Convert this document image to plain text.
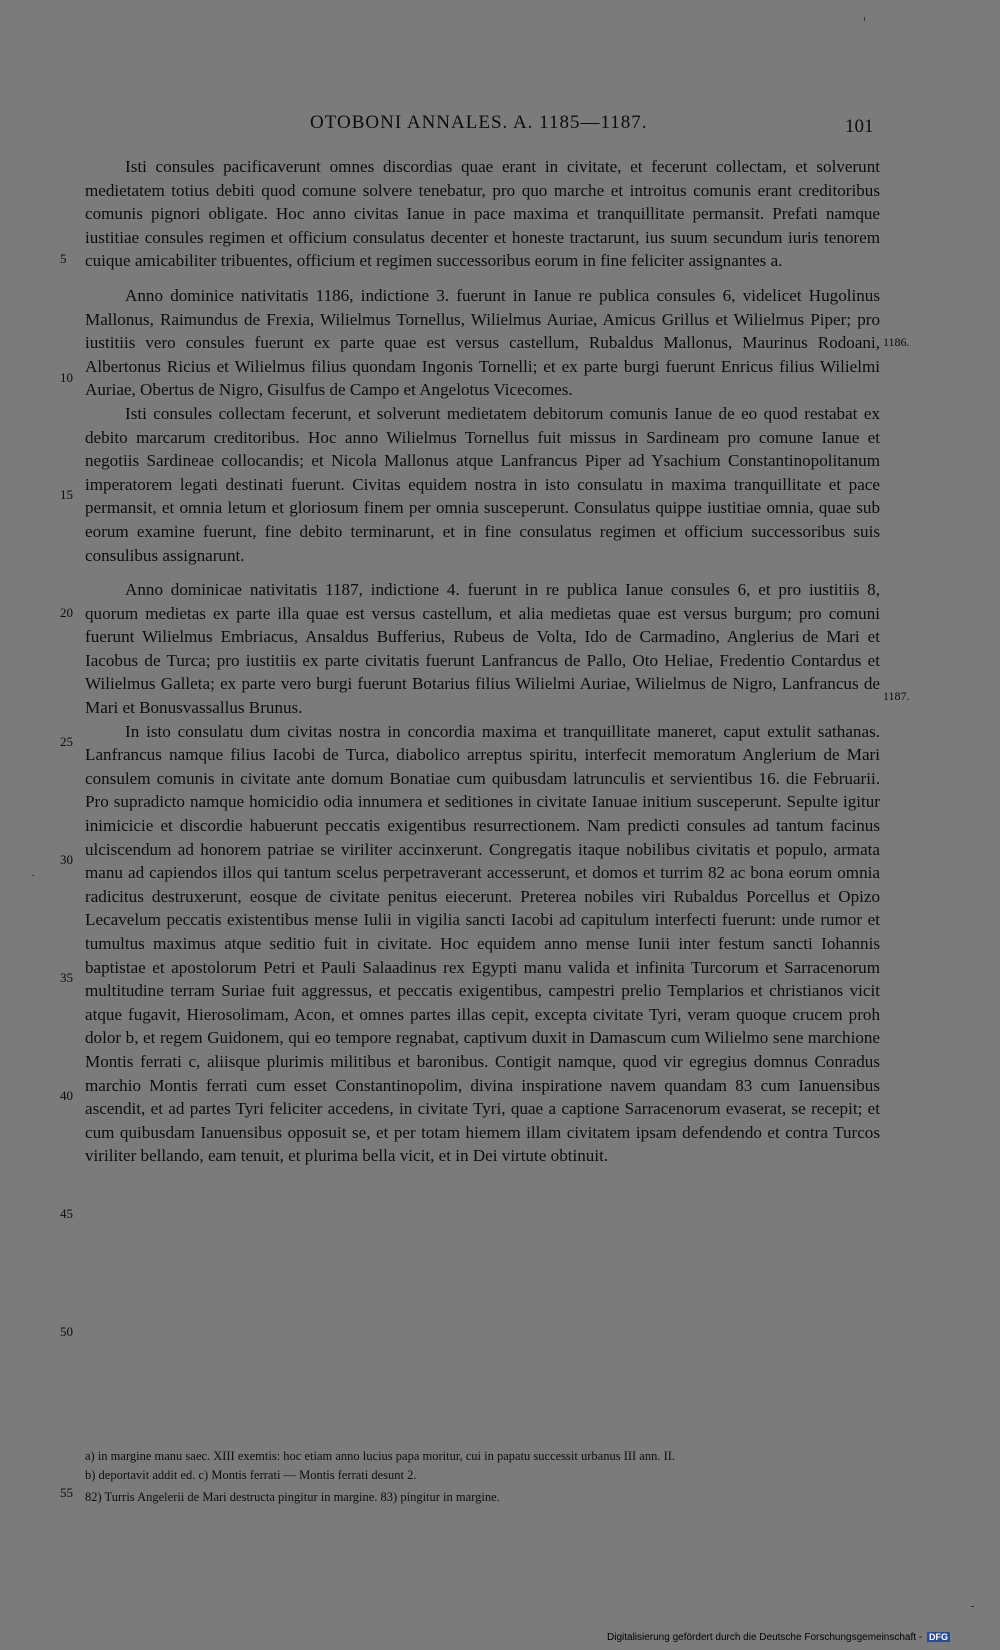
OTOBONI ANNALES. A. 1185—1187.	101

Isti consules pacificaverunt omnes discordias quae erant in civitate, et fecerunt collectam, et solverunt medietatem totius debiti quod comune solvere tenebatur, pro quo marche et introitus comunis erant creditoribus comunis pignori obligate. Hoc anno civitas Ianue in pace maxima et tranquillitate permansit. Prefati namque iustitiae consules regimen et officium consulatus decenter et honeste tractarunt, ius suum secundum iuris tenorem cuique amicabiliter tribuentes, officium et regimen successoribus eorum in fine feliciter assignantes a.

Anno dominice nativitatis 1186, indictione 3. fuerunt in Ianue re publica consules 6, videlicet Hugolinus Mallonus, Raimundus de Frexia, Wilielmus Tornellus, Wilielmus Auriae, Amicus Grillus et Wilielmus Piper; pro iustitiis vero consules fuerunt ex parte quae est versus castellum, Rubaldus Mallonus, Maurinus Rodoani, Albertonus Ricius et Wilielmus filius quondam Ingonis Tornelli; et ex parte burgi fuerunt Enricus filius Wilielmi Auriae, Obertus de Nigro, Gisulfus de Campo et Angelotus Vicecomes.

Isti consules collectam fecerunt, et solverunt medietatem debitorum comunis Ianue de eo quod restabat ex debito marcarum creditoribus. Hoc anno Wilielmus Tornellus fuit missus in Sardineam pro comune Ianue et negotiis Sardineae collocandis; et Nicola Mallonus atque Lanfrancus Piper ad Ysachium Constantinopolitanum imperatorem legati destinati fuerunt. Civitas equidem nostra in isto consulatu in maxima tranquillitate et pace permansit, et omnia letum et gloriosum finem per omnia susceperunt. Consulatus quippe iustitiae omnia, quae sub eorum examine fuerunt, fine debito terminarunt, et in fine consulatus regimen et officium successoribus suis consulibus assignarunt.

Anno dominicae nativitatis 1187, indictione 4. fuerunt in re publica Ianue consules 6, et pro iustitiis 8, quorum medietas ex parte illa quae est versus castellum, et alia medietas quae est versus burgum; pro comuni fuerunt Wilielmus Embriacus, Ansaldus Bufferius, Rubeus de Volta, Ido de Carmadino, Anglerius de Mari et Iacobus de Turca; pro iustitiis ex parte civitatis fuerunt Lanfrancus de Pallo, Oto Heliae, Fredentio Contardus et Wilielmus Galleta; ex parte vero burgi fuerunt Botarius filius Wilielmi Auriae, Wilielmus de Nigro, Lanfrancus de Mari et Bonusvassallus Brunus.

In isto consulatu dum civitas nostra in concordia maxima et tranquillitate maneret, caput extulit sathanas. Lanfrancus namque filius Iacobi de Turca, diabolico arreptus spiritu, interfecit memoratum Anglerium de Mari consulem comunis in civitate ante domum Bonatiae cum quibusdam latrunculis et servientibus 16. die Februarii. Pro supradicto namque homicidio odia innumera et seditiones in civitate Ianuae initium susceperunt. Sepulte igitur inimicicie et discordie habuerunt peccatis exigentibus resurrectionem. Nam predicti consules ad tantum facinus ulciscendum ad honorem patriae se viriliter accinxerunt. Congregatis itaque nobilibus civitatis et populo, armata manu ad capiendos illos qui tantum scelus perpetraverant accesserunt, et domos et turrim 82 ac bona eorum omnia radicitus destruxerunt, eosque de civitate penitus eiecerunt. Preterea nobiles viri Rubaldus Porcellus et Opizo Lecavelum peccatis existentibus mense Iulii in vigilia sancti Iacobi ad capitulum interfecti fuerunt: unde rumor et tumultus maximus atque seditio fuit in civitate. Hoc equidem anno mense Iunii inter festum sancti Iohannis baptistae et apostolorum Petri et Pauli Salaadinus rex Egypti manu valida et infinita Turcorum et Sarracenorum multitudine terram Suriae fuit aggressus, et peccatis exigentibus, campestri prelio Templarios et christianos vicit atque fugavit, Hierosolimam, Acon, et omnes partes illas cepit, excepta civitate Tyri, veram quoque crucem proh dolor b, et regem Guidonem, qui eo tempore regnabat, captivum duxit in Damascum cum Wilielmo sene marchione Montis ferrati c, aliisque plurimis militibus et baronibus. Contigit namque, quod vir egregius domnus Conradus marchio Montis ferrati cum esset Constantinopolim, divina inspiratione navem quandam 83 cum Ianuensibus ascendit, et ad partes Tyri feliciter accedens, in civitate Tyri, quae a captione Sarracenorum evaserat, se recepit; et cum quibusdam Ianuensibus opposuit se, et per totam hiemem illam civitatem ipsam defendendo et contra Turcos viriliter bellando, eam tenuit, et plurima bella vicit, et in Dei virtute obtinuit.

5
10
15
20
25
30
35
40
45
50
1186.
1187.

a) in margine manu saec. XIII exemtis: hoc etiam anno lucius papa moritur, cui in papatu successit urbanus III ann. II.

b) deportavit addit ed. c) Montis ferrati — Montis ferrati desunt 2.

82) Turris Angelerii de Mari destructa pingitur in margine. 83) pingitur in margine.

55
Digitalisierung gefördert durch die Deutsche Forschungsgemeinschaft - DFG
